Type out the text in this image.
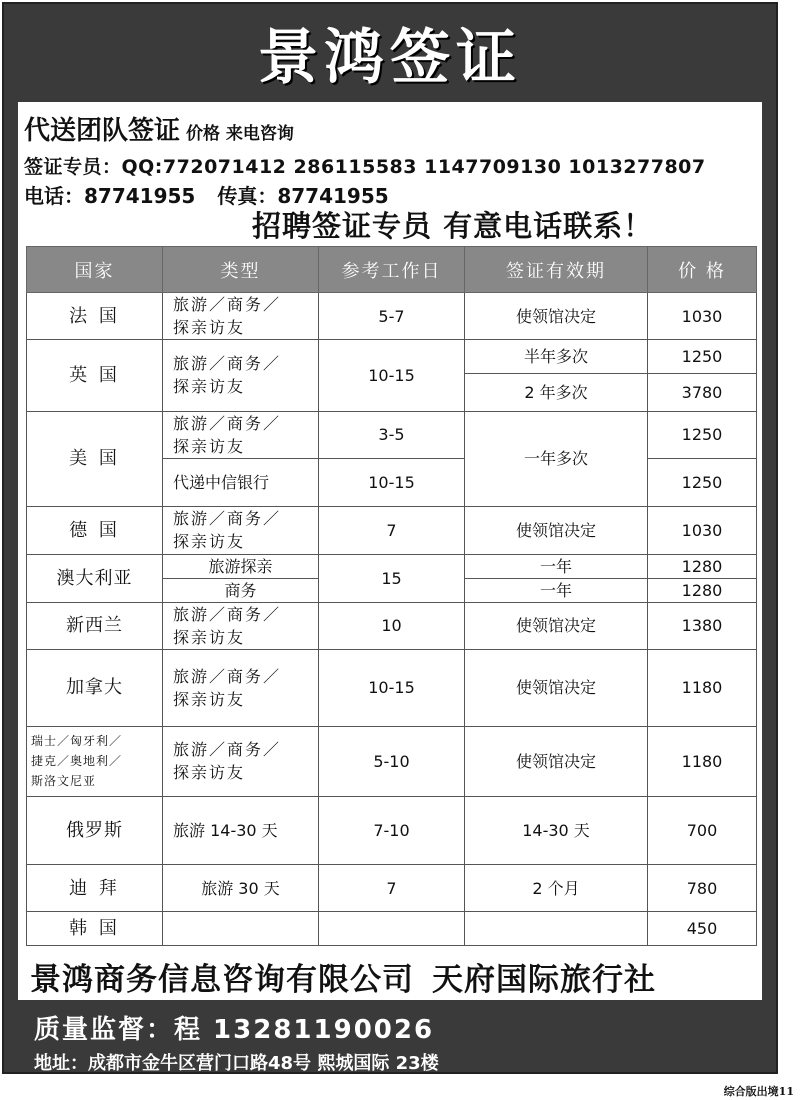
景鸿签证
代送团队签证 价格 来电咨询
签证专员：QQ:772071412 286115583 1147709130 1013277807
电话：87741955 传真：87741955
招聘签证专员 有意电话联系！
国家	类型	参考工作日	签证有效期	价 格
法 国	旅游／商务／
探亲访友	5-7	使领馆决定	1030
英 国	旅游／商务／
探亲访友	10-15	半年多次	1250
			2 年多次	3780
美 国	旅游／商务／
探亲访友	3-5	一年多次	1250
	代递中信银行	10-15		1250
德 国	旅游／商务／
探亲访友	7	使领馆决定	1030
澳大利亚	旅游探亲	15	一年	1280
	商务		一年	1280
新西兰	旅游／商务／
探亲访友	10	使领馆决定	1380
加拿大	旅游／商务／
探亲访友	10-15	使领馆决定	1180
瑞士／匈牙利／
捷克／奥地利／
斯洛文尼亚	旅游／商务／
探亲访友	5-10	使领馆决定	1180
俄罗斯	旅游 14-30 天	7-10	14-30 天	700
迪 拜	旅游 30 天	7	2 个月	780
韩 国				450
景鸿商务信息咨询有限公司 天府国际旅行社
质量监督：程 13281190026
地址：成都市金牛区营门口路48号 熙城国际 23楼
综合版出境11
